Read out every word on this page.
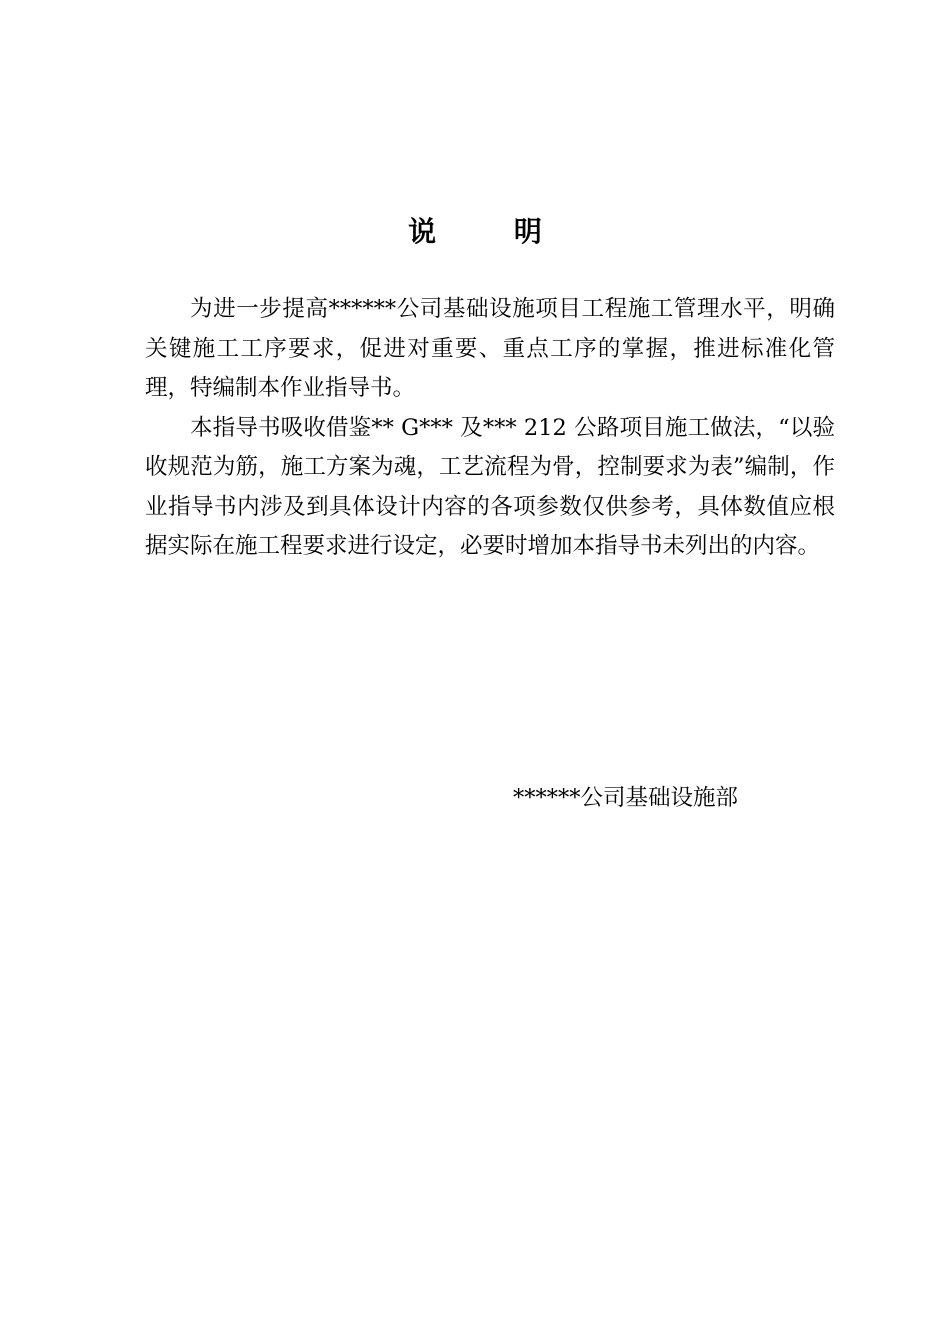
说 明

为进一步提高******公司基础设施项目工程施工管理水平，明确关键施工工序要求，促进对重要、重点工序的掌握，推进标准化管理，特编制本作业指导书。

本指导书吸收借鉴** G*** 及*** 212 公路项目施工做法，“以验收规范为筋，施工方案为魂，工艺流程为骨，控制要求为表”编制，作业指导书内涉及到具体设计内容的各项参数仅供参考，具体数值应根据实际在施工程要求进行设定，必要时增加本指导书未列出的内容。

******公司基础设施部
